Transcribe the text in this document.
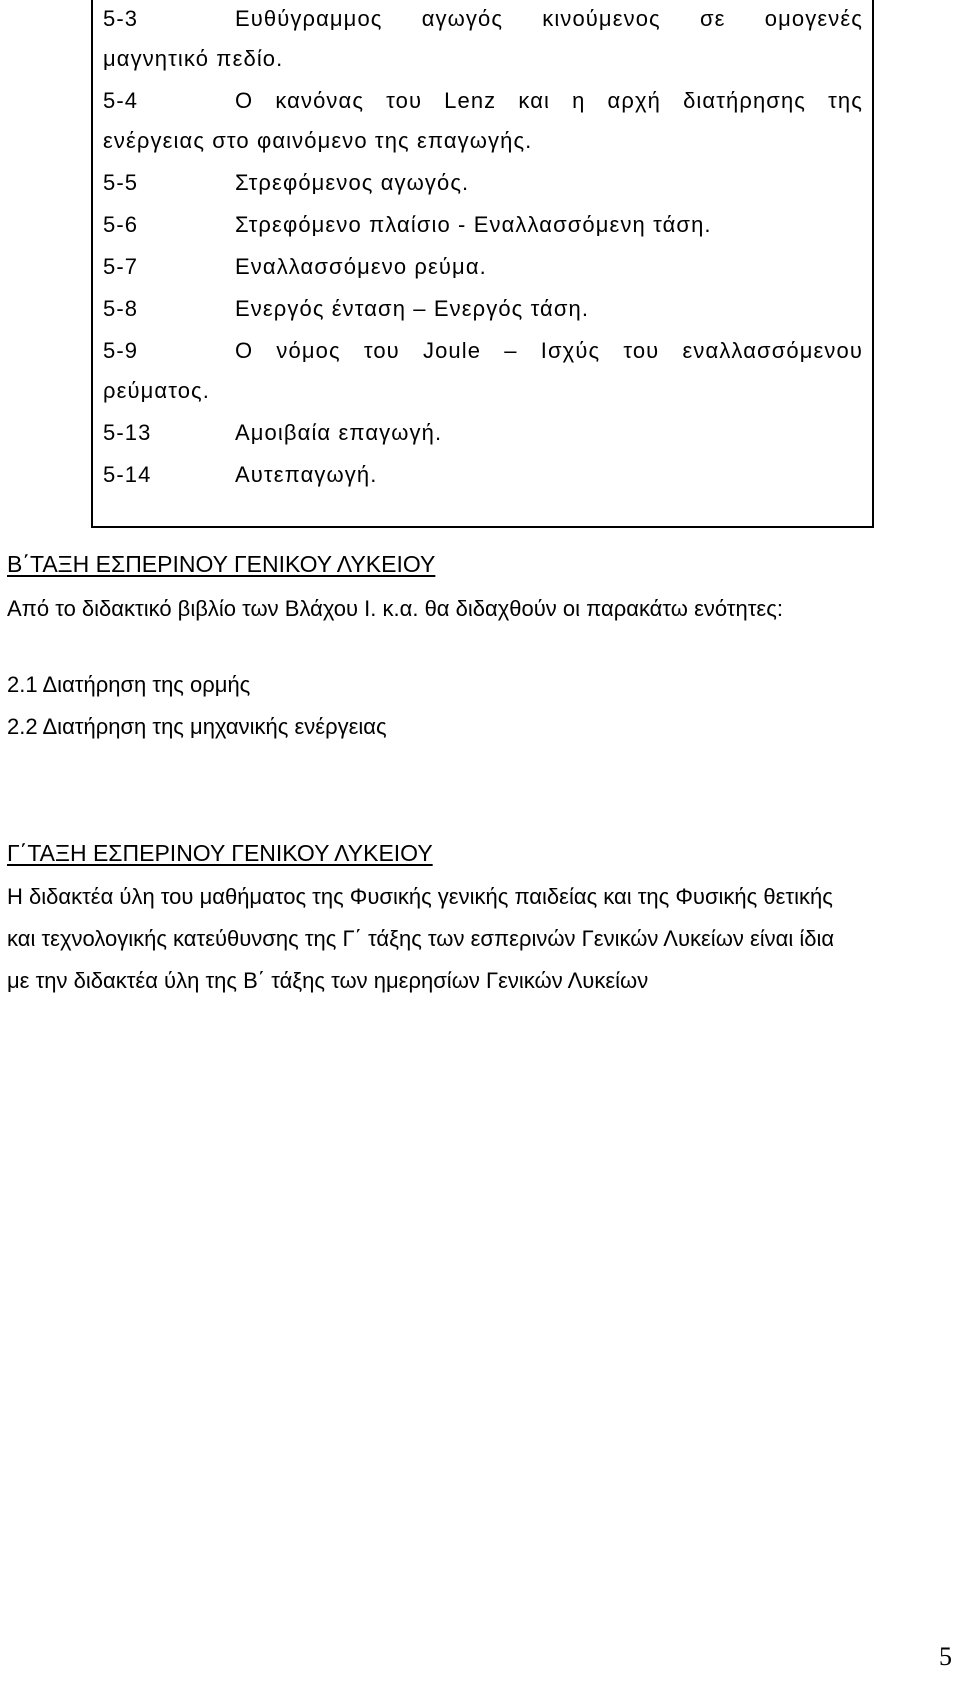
5-3	Ευθύγραμμος αγωγός κινούμενος σε ομογενές
μαγνητικό πεδίο.
5-4	Ο κανόνας του Lenz και η αρχή διατήρησης της
ενέργειας στο φαινόμενο της επαγωγής.
5-5	Στρεφόμενος αγωγός.
5-6	Στρεφόμενο πλαίσιο - Εναλλασσόμενη τάση.
5-7	Εναλλασσόμενο ρεύμα.
5-8	Ενεργός ένταση – Ενεργός τάση.
5-9	Ο νόμος του Joule – Ισχύς του εναλλασσόμενου
ρεύματος.
5-13	Αμοιβαία επαγωγή.
5-14	Αυτεπαγωγή.
Β΄ΤΑΞΗ ΕΣΠΕΡΙΝΟΥ ΓΕΝΙΚΟΥ ΛΥΚΕΙΟΥ
Από το διδακτικό βιβλίο των Βλάχου Ι. κ.α. θα διδαχθούν οι παρακάτω ενότητες:
2.1 Διατήρηση της ορμής
2.2 Διατήρηση της μηχανικής ενέργειας
Γ΄ΤΑΞΗ ΕΣΠΕΡΙΝΟΥ ΓΕΝΙΚΟΥ ΛΥΚΕΙΟΥ
Η διδακτέα ύλη του μαθήματος της Φυσικής γενικής παιδείας και της Φυσικής θετικής
και τεχνολογικής κατεύθυνσης της Γ΄ τάξης των εσπερινών Γενικών Λυκείων είναι ίδια
με την διδακτέα ύλη της Β΄ τάξης των ημερησίων Γενικών Λυκείων
5
